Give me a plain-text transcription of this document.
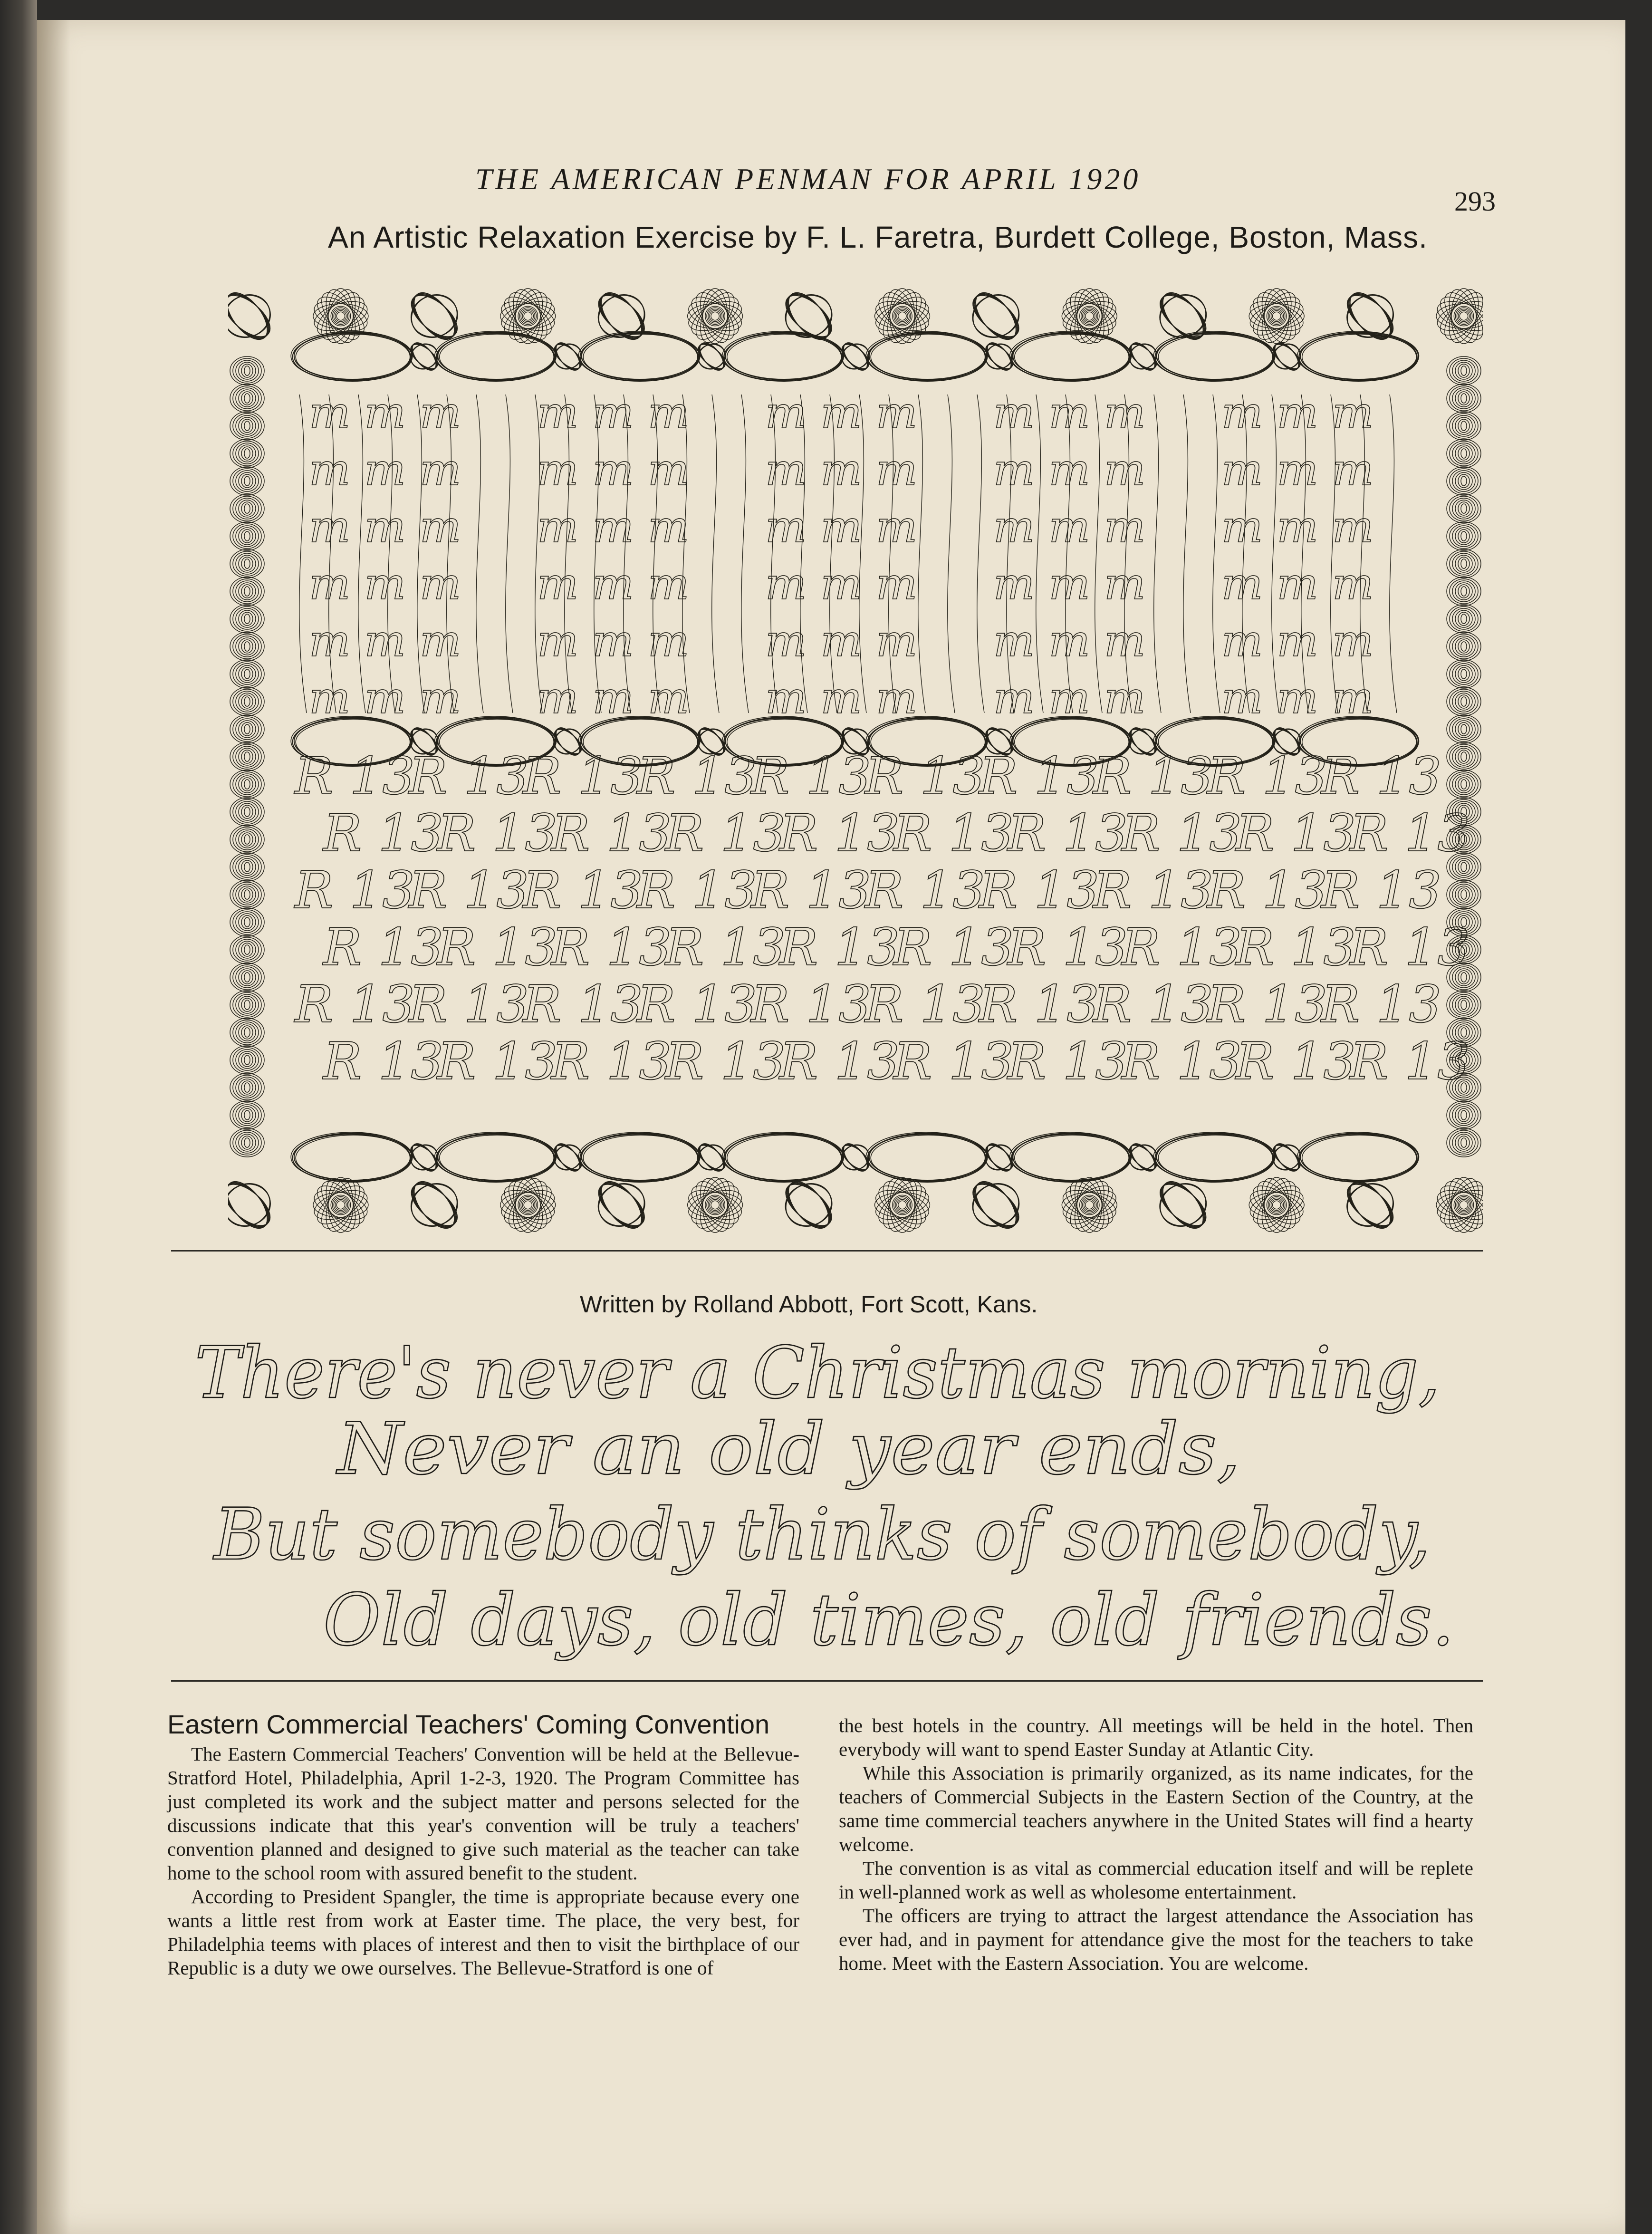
THE AMERICAN PENMAN FOR APRIL 1920
293
An Artistic Relaxation Exercise by F. L. Faretra, Burdett College, Boston, Mass.
m m m m m m m m m m m m m m m
m m m m m m m m m m m m m m m
m m m m m m m m m m m m m m m
m m m m m m m m m m m m m m m
m m m m m m m m m m m m m m m
m m m m m m m m m m m m m m m
R 13
R 13
R 13
R 13
R 13
R 13
R 13
R 13
R 13
R 13
R 13
R 13
R 13
R 13
R 13
R 13
R 13
R 13
R 13
R 13
R 13
R 13
R 13
R 13
R 13
R 13
R 13
R 13
R 13
R 13
R 13
R 13
R 13
R 13
R 13
R 13
R 13
R 13
R 13
R 13
R 13
R 13
R 13
R 13
R 13
R 13
R 13
R 13
R 13
R 13
R 13
R 13
R 13
R 13
R 13
R 13
R 13
R 13
R 13
R 13
Written by Rolland Abbott, Fort Scott, Kans.
There's never a Christmas morning,
Never an old year ends,
But somebody thinks of somebody,
Old days, old times, old friends.
Eastern Commercial Teachers' Coming Convention

The Eastern Commercial Teachers' Convention will be held at the Bellevue-Stratford Hotel, Philadelphia, April 1-2-3, 1920. The Program Committee has just completed its work and the subject matter and persons selected for the discussions indicate that this year's convention will be truly a teachers' convention planned and designed to give such material as the teacher can take home to the school room with assured benefit to the student.

According to President Spangler, the time is appropriate because every one wants a little rest from work at Easter time. The place, the very best, for Philadelphia teems with places of interest and then to visit the birthplace of our Republic is a duty we owe ourselves. The Bellevue-Stratford is one of

the best hotels in the country. All meetings will be held in the hotel. Then everybody will want to spend Easter Sunday at Atlantic City.

While this Association is primarily organized, as its name indicates, for the teachers of Commercial Subjects in the Eastern Section of the Country, at the same time commercial teachers anywhere in the United States will find a hearty welcome.

The convention is as vital as commercial education itself and will be replete in well-planned work as well as wholesome entertainment.

The officers are trying to attract the largest attendance the Association has ever had, and in payment for attendance give the most for the teachers to take home. Meet with the Eastern Association. You are welcome.
